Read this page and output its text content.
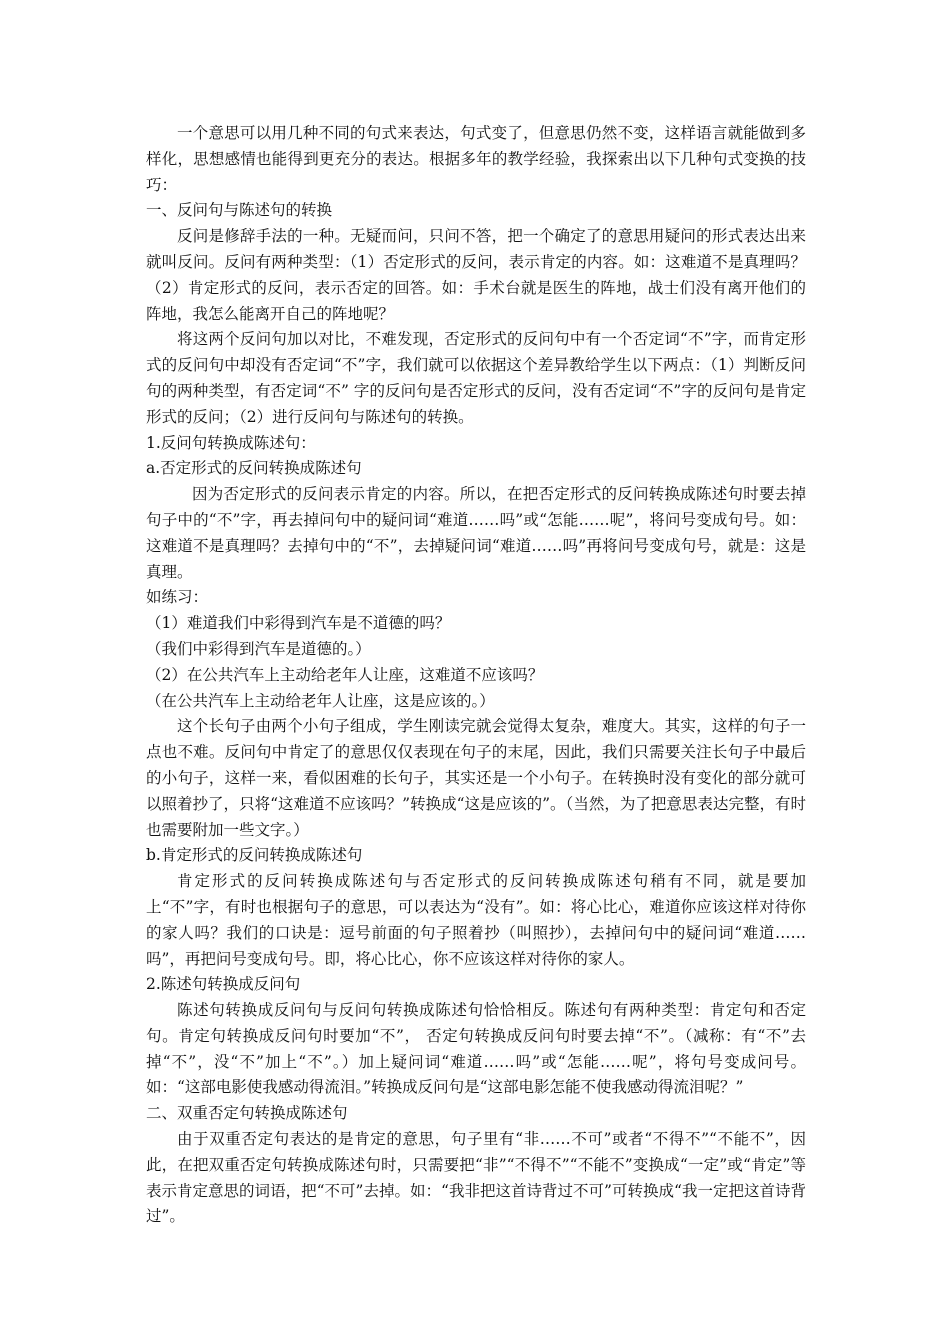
一个意思可以用几种不同的句式来表达，句式变了，但意思仍然不变，这样语言就能做到多样化，思想感情也能得到更充分的表达。根据多年的教学经验，我探索出以下几种句式变换的技巧：

一、反问句与陈述句的转换

反问是修辞手法的一种。无疑而问，只问不答，把一个确定了的意思用疑问的形式表达出来就叫反问。反问有两种类型：（1）否定形式的反问，表示肯定的内容。如：这难道不是真理吗？（2）肯定形式的反问，表示否定的回答。如：手术台就是医生的阵地，战士们没有离开他们的阵地，我怎么能离开自己的阵地呢？

将这两个反问句加以对比，不难发现，否定形式的反问句中有一个否定词“不”字，而肯定形式的反问句中却没有否定词“不”字，我们就可以依据这个差异教给学生以下两点：（1）判断反问句的两种类型，有否定词“不” 字的反问句是否定形式的反问，没有否定词“不”字的反问句是肯定形式的反问；（2）进行反问句与陈述句的转换。

1.反问句转换成陈述句：

a.否定形式的反问转换成陈述句

因为否定形式的反问表示肯定的内容。所以，在把否定形式的反问转换成陈述句时要去掉句子中的“不”字，再去掉问句中的疑问词“难道……吗”或“怎能……呢”，将问号变成句号。如：这难道不是真理吗？去掉句中的“不”，去掉疑问词“难道……吗”再将问号变成句号，就是：这是真理。

如练习：

（1）难道我们中彩得到汽车是不道德的吗？

（我们中彩得到汽车是道德的。）

（2）在公共汽车上主动给老年人让座，这难道不应该吗？

（在公共汽车上主动给老年人让座，这是应该的。）

这个长句子由两个小句子组成，学生刚读完就会觉得太复杂，难度大。其实，这样的句子一点也不难。反问句中肯定了的意思仅仅表现在句子的末尾，因此，我们只需要关注长句子中最后的小句子，这样一来，看似困难的长句子，其实还是一个小句子。在转换时没有变化的部分就可以照着抄了，只将“这难道不应该吗？”转换成“这是应该的”。（当然，为了把意思表达完整，有时也需要附加一些文字。）

b.肯定形式的反问转换成陈述句

肯定形式的反问转换成陈述句与否定形式的反问转换成陈述句稍有不同，就是要加上“不”字，有时也根据句子的意思，可以表达为“没有”。如：将心比心，难道你应该这样对待你的家人吗？我们的口诀是：逗号前面的句子照着抄（叫照抄），去掉问句中的疑问词“难道……吗”，再把问号变成句号。即，将心比心，你不应该这样对待你的家人。

2.陈述句转换成反问句

陈述句转换成反问句与反问句转换成陈述句恰恰相反。陈述句有两种类型：肯定句和否定句。肯定句转换成反问句时要加“不”， 否定句转换成反问句时要去掉“不”。（减称：有“不”去掉“不”，没“不”加上“不”。）加上疑问词“难道……吗”或“怎能……呢”，将句号变成问号。如：“这部电影使我感动得流泪。”转换成反问句是“这部电影怎能不使我感动得流泪呢？”

二、双重否定句转换成陈述句

由于双重否定句表达的是肯定的意思，句子里有“非……不可”或者“不得不”“不能不”，因此，在把双重否定句转换成陈述句时，只需要把“非”“不得不”“不能不”变换成“一定”或“肯定”等表示肯定意思的词语，把“不可”去掉。如：“我非把这首诗背过不可”可转换成“我一定把这首诗背过”。
